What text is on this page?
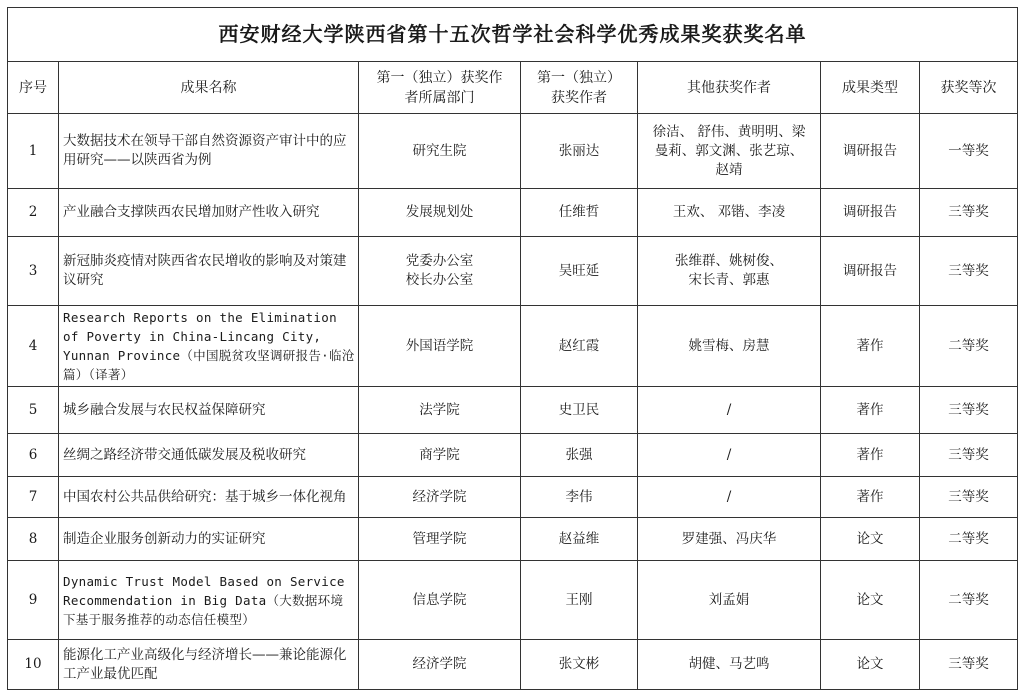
西安财经大学陕西省第十五次哲学社会科学优秀成果奖获奖名单						
序号	成果名称	第一（独立）获奖作者所属部门	第一（独立）获奖作者	其他获奖作者	成果类型	获奖等次
1	大数据技术在领导干部自然资源资产审计中的应用研究——以陕西省为例	研究生院	张丽达	徐洁、 舒伟、黄明明、梁曼莉、郭文渊、张艺琼、赵靖	调研报告	一等奖
2	产业融合支撑陕西农民增加财产性收入研究	发展规划处	任维哲	王欢、 邓锴、李凌	调研报告	三等奖
3	新冠肺炎疫情对陕西省农民增收的影响及对策建议研究	党委办公室 校长办公室	吴旺延	张维群、姚树俊、宋长青、郭惠	调研报告	三等奖
4	Research Reports on the Elimination of Poverty in China-Lincang City, Yunnan Province（中国脱贫攻坚调研报告·临沧篇）（译著）	外国语学院	赵红霞	姚雪梅、房慧	著作	二等奖
5	城乡融合发展与农民权益保障研究	法学院	史卫民	/	著作	三等奖
6	丝绸之路经济带交通低碳发展及税收研究	商学院	张强	/	著作	三等奖
7	中国农村公共品供给研究：基于城乡一体化视角	经济学院	李伟	/	著作	三等奖
8	制造企业服务创新动力的实证研究	管理学院	赵益维	罗建强、冯庆华	论文	二等奖
9	Dynamic Trust Model Based on Service Recommendation in Big Data（大数据环境下基于服务推荐的动态信任模型）	信息学院	王刚	刘孟娟	论文	二等奖
10	能源化工产业高级化与经济增长——兼论能源化工产业最优匹配	经济学院	张文彬	胡健、马艺鸣	论文	三等奖
